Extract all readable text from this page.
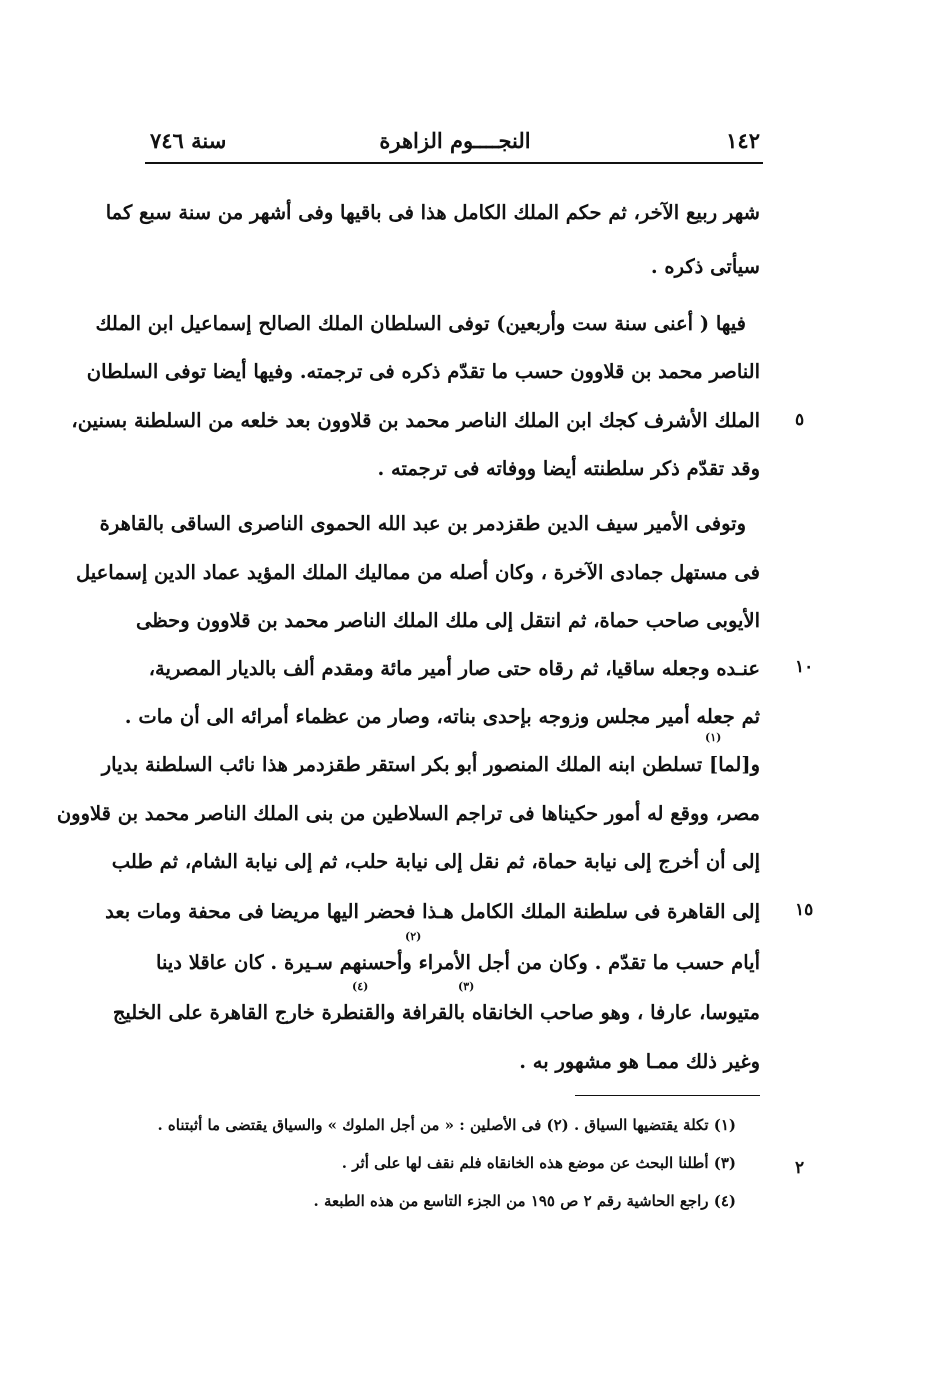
١٤٢
النجــــوم الزاهرة
سنة ٧٤٦
شهر ربيع الآخر، ثم حكم الملك الكامل هذا فى باقيها وفى أشهر من سنة سبع كما
سيأتى ذكره .
فيها ( أعنى سنة ست وأربعين) توفى السلطان الملك الصالح إسماعيل ابن الملك
الناصر محمد بن قلاوون حسب ما تقدّم ذكره فى ترجمته. وفيها أيضا توفى السلطان
الملك الأشرف كجك ابن الملك الناصر محمد بن قلاوون بعد خلعه من السلطنة بسنين،
وقد تقدّم ذكر سلطنته أيضا ووفاته فى ترجمته .
وتوفى الأمير سيف الدين طقزدمر بن عبد الله الحموى الناصرى الساقى بالقاهرة
فى مستهل جمادى الآخرة ، وكان أصله من مماليك الملك المؤيد عماد الدين إسماعيل
الأيوبى صاحب حماة، ثم انتقل إلى ملك الملك الناصر محمد بن قلاوون وحظى
عنـده وجعله ساقيا، ثم رقاه حتى صار أمير مائة ومقدم ألف بالديار المصرية،
ثم جعله أمير مجلس وزوجه بإحدى بناته، وصار من عظماء أمرائه الى أن مات .
و[لما] تسلطن ابنه الملك المنصور أبو بكر استقر طقزدمر هذا نائب السلطنة بديار
مصر، ووقع له أمور حكيناها فى تراجم السلاطين من بنى الملك الناصر محمد بن قلاوون
إلى أن أخرج إلى نيابة حماة، ثم نقل إلى نيابة حلب، ثم إلى نيابة الشام، ثم طلب
إلى القاهرة فى سلطنة الملك الكامل هـذا فحضر اليها مريضا فى محفة ومات بعد
أيام حسب ما تقدّم . وكان من أجل الأمراء وأحسنهم سـيرة . كان عاقلا دينا
متيوسا، عارفا ، وهو صاحب الخانقاه بالقرافة والقنطرة خارج القاهرة على الخليج
وغير ذلك ممـا هو مشهور به .
(١)
(٢)
(٣)
(٤)
٥
١٠
١٥
(١) تكلة يقتضيها السياق . (٢) فى الأصلين : « من أجل الملوك » والسياق يقتضى ما أثبتناه .
(٣) أطلنا البحث عن موضع هذه الخانقاه فلم نقف لها على أثر .
(٤) راجع الحاشية رقم ٢ ص ١٩٥ من الجزء التاسع من هذه الطبعة .
٢
